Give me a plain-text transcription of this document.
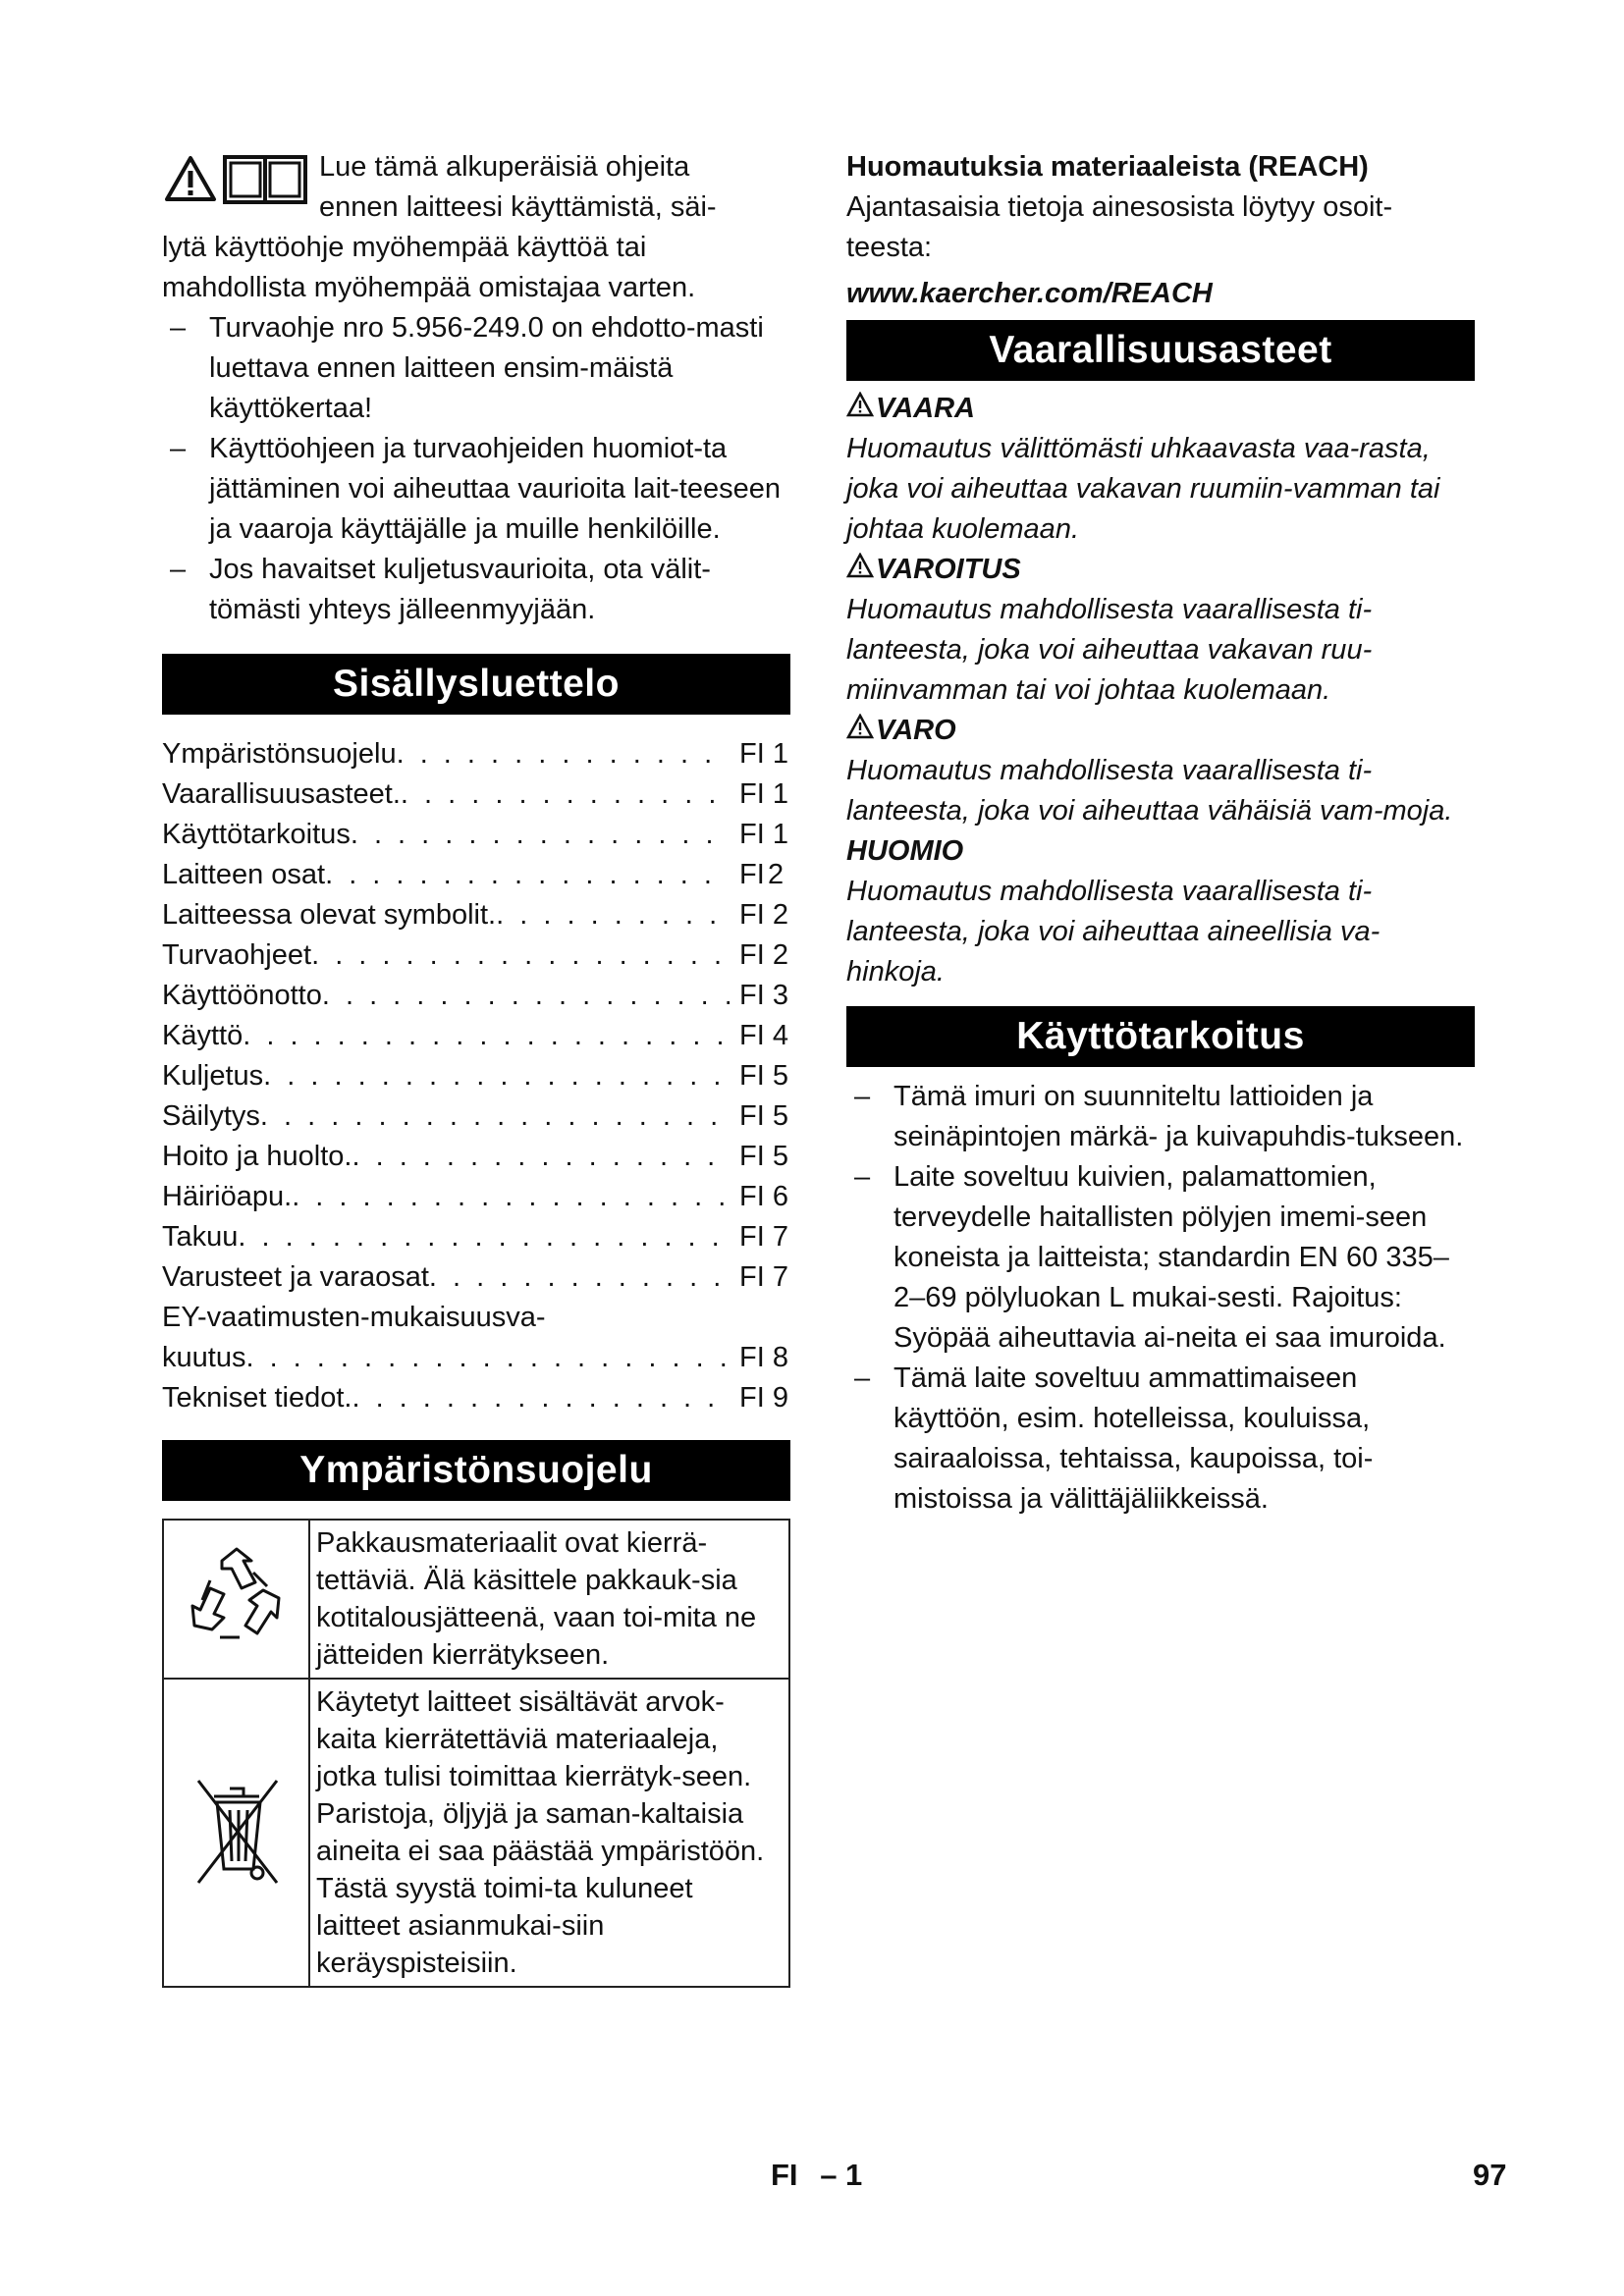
Lue tämä alkuperäisiä ohjeita

ennen laitteesi käyttämistä, säi-

lytä käyttöohje myöhempää käyttöä tai mahdollista myöhempää omistajaa varten.

– Turvaohje nro 5.956-249.0 on ehdotto-masti luettava ennen laitteen ensim-mäistä käyttökertaa!
– Käyttöohjeen ja turvaohjeiden huomiot-ta jättäminen voi aiheuttaa vaurioita lait-teeseen ja vaaroja käyttäjälle ja muille henkilöille.
– Jos havaitset kuljetusvaurioita, ota välit-tömästi yhteys jälleenmyyjään.
Sisällysluettelo
Ympäristönsuojelu . . .	FI 1
Vaarallisuusasteet. . . .	FI 1
Käyttötarkoitus . . .	FI 1
Laitteen osat . . .	FI 2
Laitteessa olevat symbolit. . . .	FI 2
Turvaohjeet . . .	FI 2
Käyttöönotto . . .	FI 3
Käyttö . . .	FI 4
Kuljetus . . .	FI 5
Säilytys . . .	FI 5
Hoito ja huolto. . . .	FI 5
Häiriöapu. . . .	FI 6
Takuu . . .	FI 7
Varusteet ja varaosat . . .	FI 7
EY-vaatimusten-mukaisuusva-
kuutus . . .	FI 8
Tekniset tiedot. . . .	FI 9
Ympäristönsuojelu
	Pakkausmateriaalit ovat kierrä-tettäviä. Älä käsittele pakkauk-sia kotitalousjätteenä, vaan toi-mita ne jätteiden kierrätykseen.
	Käytetyt laitteet sisältävät arvok-kaita kierrätettäviä materiaaleja, jotka tulisi toimittaa kierrätyk-seen. Paristoja, öljyjä ja saman-kaltaisia aineita ei saa päästää ympäristöön. Tästä syystä toimi-ta kuluneet laitteet asianmukai-siin keräyspisteisiin.

Huomautuksia materiaaleista (REACH)

Ajantasaisia tietoja ainesosista löytyy osoit-teesta:

www.kaercher.com/REACH

Vaarallisuusasteet
VAARA

Huomautus välittömästi uhkaavasta vaa-rasta, joka voi aiheuttaa vakavan ruumiin-vamman tai johtaa kuolemaan.

VAROITUS

Huomautus mahdollisesta vaarallisesta ti-lanteesta, joka voi aiheuttaa vakavan ruu-miinvamman tai voi johtaa kuolemaan.

VARO

Huomautus mahdollisesta vaarallisesta ti-lanteesta, joka voi aiheuttaa vähäisiä vam-moja.

HUOMIO

Huomautus mahdollisesta vaarallisesta ti-lanteesta, joka voi aiheuttaa aineellisia va-hinkoja.

Käyttötarkoitus
– Tämä imuri on suunniteltu lattioiden ja seinäpintojen märkä- ja kuivapuhdis-tukseen.
– Laite soveltuu kuivien, palamattomien, terveydelle haitallisten pölyjen imemi-seen koneista ja laitteista; standardin EN 60 335–2–69 pölyluokan L mukai-sesti. Rajoitus: Syöpää aiheuttavia ai-neita ei saa imuroida.
– Tämä laite soveltuu ammattimaiseen käyttöön, esim. hotelleissa, kouluissa, sairaaloissa, tehtaissa, kaupoissa, toi-mistoissa ja välittäjäliikkeissä.
FI – 1	97
